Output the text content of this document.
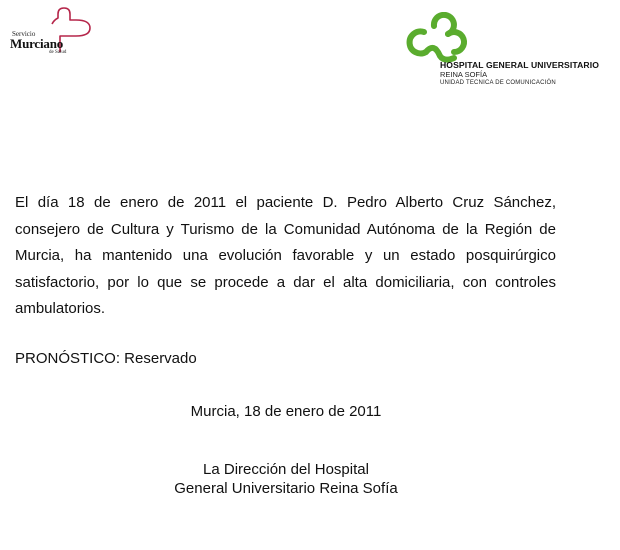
Servicio
Murciano
de Salud
HOSPITAL GENERAL UNIVERSITARIO
REINA SOFÍA
UNIDAD TECNICA DE COMUNICACIÓN

El día 18 de enero de 2011 el paciente D. Pedro Alberto Cruz Sánchez, consejero de Cultura y Turismo de la Comunidad Autónoma de la Región de Murcia, ha mantenido una evolución favorable y un estado posquirúrgico satisfactorio, por lo que se procede a dar el alta domiciliaria, con controles ambulatorios.

PRONÓSTICO: Reservado

Murcia, 18 de enero de 2011

La Dirección del Hospital
General Universitario Reina Sofía
